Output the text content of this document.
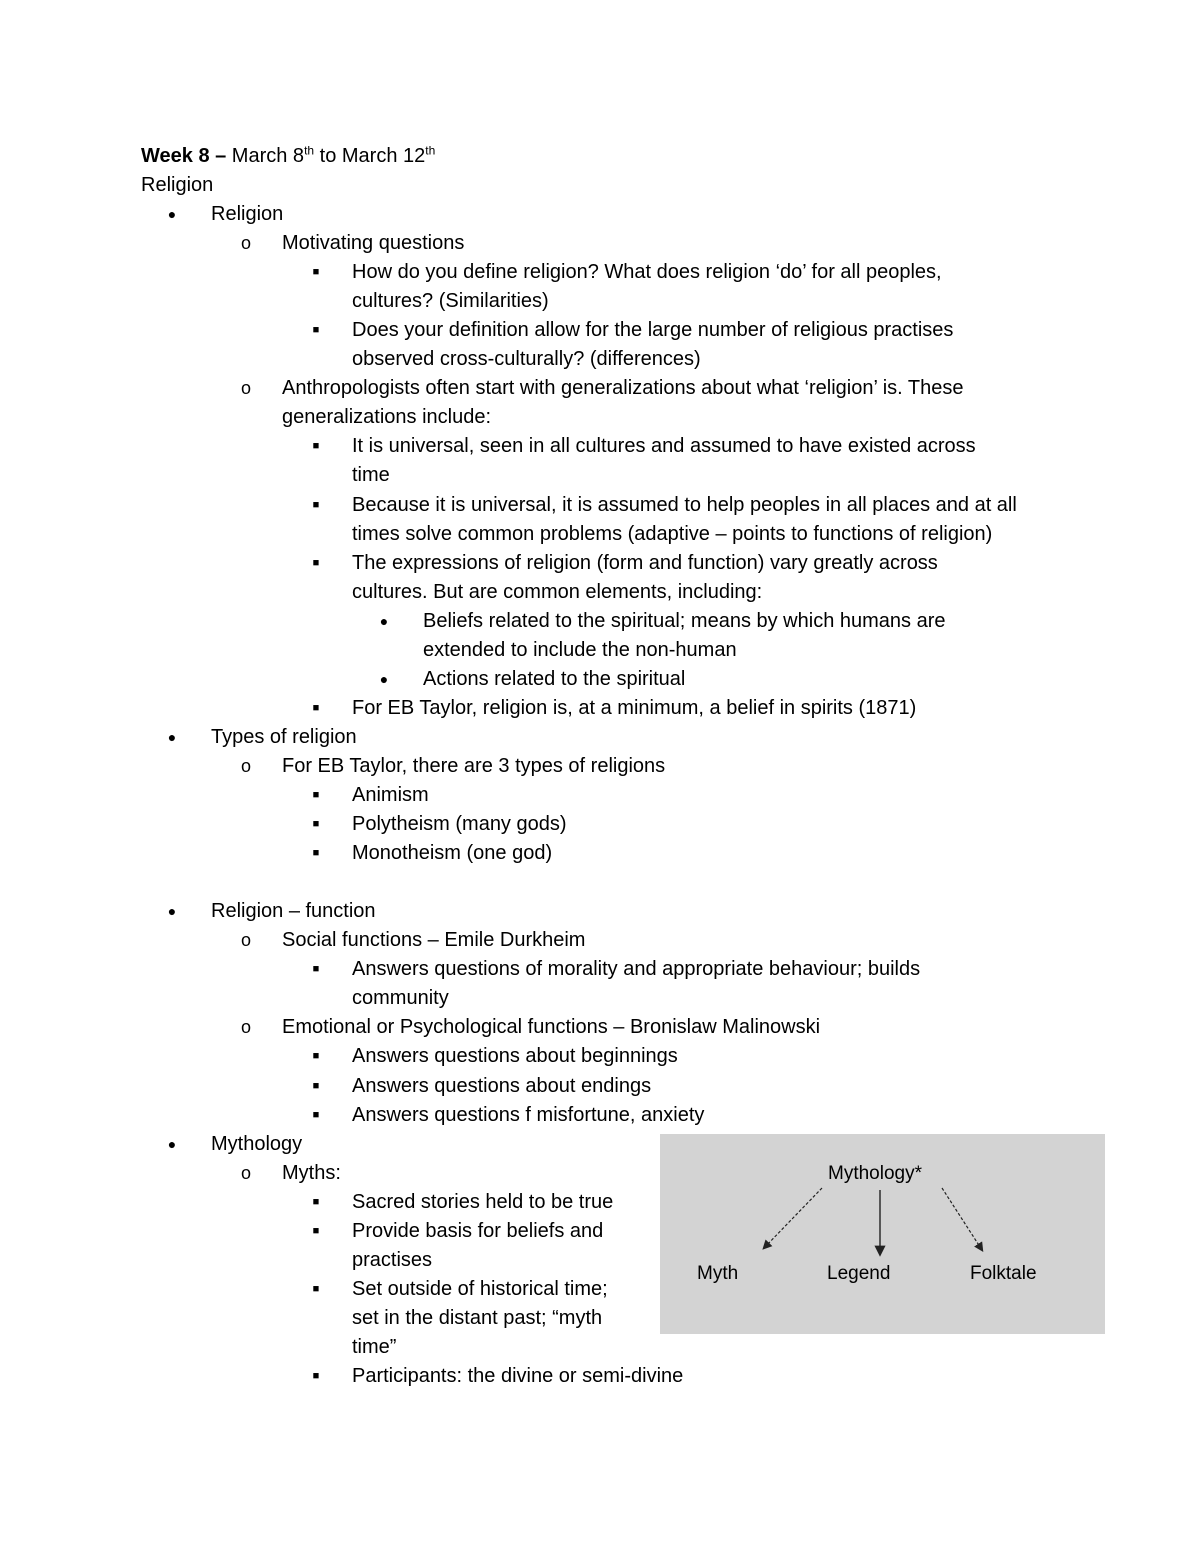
Week 8 – March 8th to March 12th
Religion
● Religion
o Motivating questions
■ How do you define religion? What does religion ‘do’ for all peoples,
cultures? (Similarities)
■ Does your definition allow for the large number of religious practises
observed cross-culturally? (differences)
o Anthropologists often start with generalizations about what ‘religion’ is. These
generalizations include:
■ It is universal, seen in all cultures and assumed to have existed across
time
■ Because it is universal, it is assumed to help peoples in all places and at all
times solve common problems (adaptive – points to functions of religion)
■ The expressions of religion (form and function) vary greatly across
cultures. But are common elements, including:
● Beliefs related to the spiritual; means by which humans are
extended to include the non-human
● Actions related to the spiritual
■ For EB Taylor, religion is, at a minimum, a belief in spirits (1871)
● Types of religion
o For EB Taylor, there are 3 types of religions
■ Animism
■ Polytheism (many gods)
■ Monotheism (one god)
● Religion – function
o Social functions – Emile Durkheim
■ Answers questions of morality and appropriate behaviour; builds
community
o Emotional or Psychological functions – Bronislaw Malinowski
■ Answers questions about beginnings
■ Answers questions about endings
■ Answers questions f misfortune, anxiety
● Mythology
o Myths:
■ Sacred stories held to be true
■ Provide basis for beliefs and
practises
■ Set outside of historical time;
set in the distant past; “myth
time”
■ Participants: the divine or semi-divine
Mythology*
Myth	Legend	Folktale
